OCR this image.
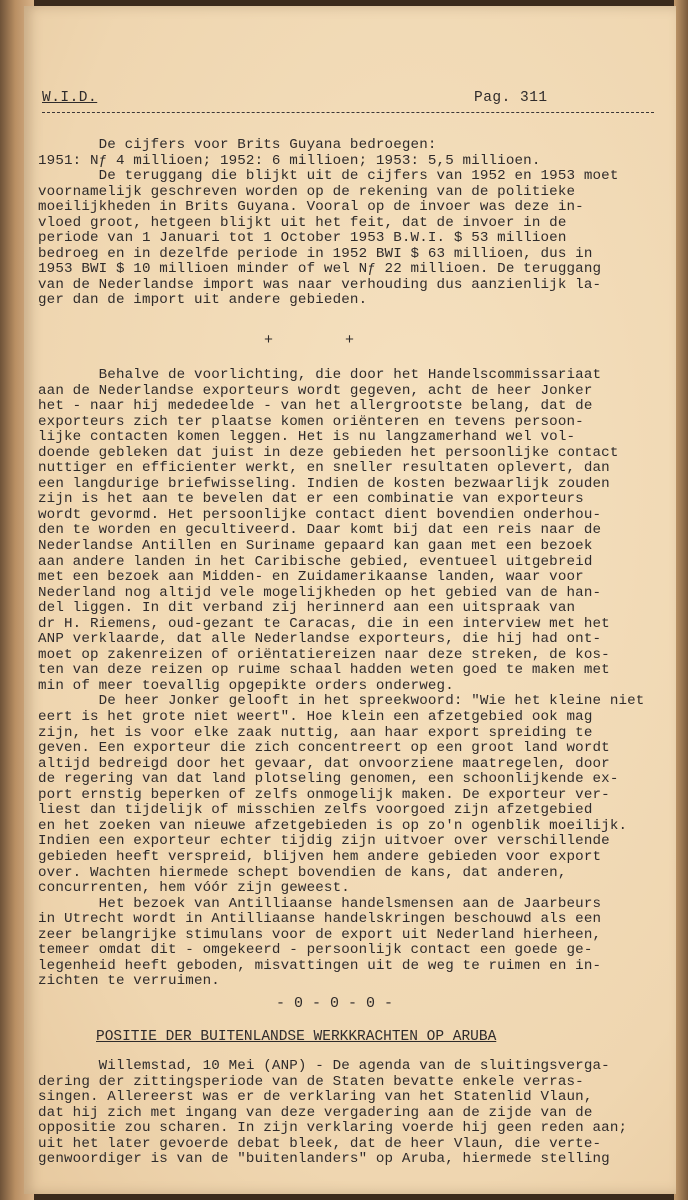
W.I.D.	Pag. 311

De cijfers voor Brits Guyana bedroegen:
1951: Nƒ 4 millioen; 1952: 6 millioen; 1953: 5,5 millioen.
De teruggang die blijkt uit de cijfers van 1952 en 1953 moet
voornamelijk geschreven worden op de rekening van de politieke
moeilijkheden in Brits Guyana. Vooral op de invoer was deze in-
vloed groot, hetgeen blijkt uit het feit, dat de invoer in de
periode van 1 Januari tot 1 October 1953 B.W.I. $ 53 millioen
bedroeg en in dezelfde periode in 1952 BWI $ 63 millioen, dus in
1953 BWI $ 10 millioen minder of wel Nƒ 22 millioen. De teruggang
van de Nederlandse import was naar verhouding dus aanzienlijk la-
ger dan de import uit andere gebieden.

+        +

Behalve de voorlichting, die door het Handelscommissariaat
aan de Nederlandse exporteurs wordt gegeven, acht de heer Jonker
het - naar hij mededeelde - van het allergrootste belang, dat de
exporteurs zich ter plaatse komen oriënteren en tevens persoon-
lijke contacten komen leggen. Het is nu langzamerhand wel vol-
doende gebleken dat juist in deze gebieden het persoonlijke contact
nuttiger en efficienter werkt, en sneller resultaten oplevert, dan
een langdurige briefwisseling. Indien de kosten bezwaarlijk zouden
zijn is het aan te bevelen dat er een combinatie van exporteurs
wordt gevormd. Het persoonlijke contact dient bovendien onderhou-
den te worden en gecultiveerd. Daar komt bij dat een reis naar de
Nederlandse Antillen en Suriname gepaard kan gaan met een bezoek
aan andere landen in het Caribische gebied, eventueel uitgebreid
met een bezoek aan Midden- en Zuidamerikaanse landen, waar voor
Nederland nog altijd vele mogelijkheden op het gebied van de han-
del liggen. In dit verband zij herinnerd aan een uitspraak van
dr H. Riemens, oud-gezant te Caracas, die in een interview met het
ANP verklaarde, dat alle Nederlandse exporteurs, die hij had ont-
moet op zakenreizen of oriëntatiereizen naar deze streken, de kos-
ten van deze reizen op ruime schaal hadden weten goed te maken met
min of meer toevallig opgepikte orders onderweg.
De heer Jonker gelooft in het spreekwoord: "Wie het kleine niet
eert is het grote niet weert". Hoe klein een afzetgebied ook mag
zijn, het is voor elke zaak nuttig, aan haar export spreiding te
geven. Een exporteur die zich concentreert op een groot land wordt
altijd bedreigd door het gevaar, dat onvoorziene maatregelen, door
de regering van dat land plotseling genomen, een schoonlijkende ex-
port ernstig beperken of zelfs onmogelijk maken. De exporteur ver-
liest dan tijdelijk of misschien zelfs voorgoed zijn afzetgebied
en het zoeken van nieuwe afzetgebieden is op zo'n ogenblik moeilijk.
Indien een exporteur echter tijdig zijn uitvoer over verschillende
gebieden heeft verspreid, blijven hem andere gebieden voor export
over. Wachten hiermede schept bovendien de kans, dat anderen,
concurrenten, hem vóór zijn geweest.
Het bezoek van Antilliaanse handelsmensen aan de Jaarbeurs
in Utrecht wordt in Antilliaanse handelskringen beschouwd als een
zeer belangrijke stimulans voor de export uit Nederland hierheen,
temeer omdat dit - omgekeerd - persoonlijk contact een goede ge-
legenheid heeft geboden, misvattingen uit de weg te ruimen en in-
zichten te verruimen.

- 0 - 0 - 0 -
POSITIE DER BUITENLANDSE WERKKRACHTEN OP ARUBA

Willemstad, 10 Mei (ANP) - De agenda van de sluitingsverga-
dering der zittingsperiode van de Staten bevatte enkele verras-
singen. Allereerst was er de verklaring van het Statenlid Vlaun,
dat hij zich met ingang van deze vergadering aan de zijde van de
oppositie zou scharen. In zijn verklaring voerde hij geen reden aan;
uit het later gevoerde debat bleek, dat de heer Vlaun, die verte-
genwoordiger is van de "buitenlanders" op Aruba, hiermede stelling
